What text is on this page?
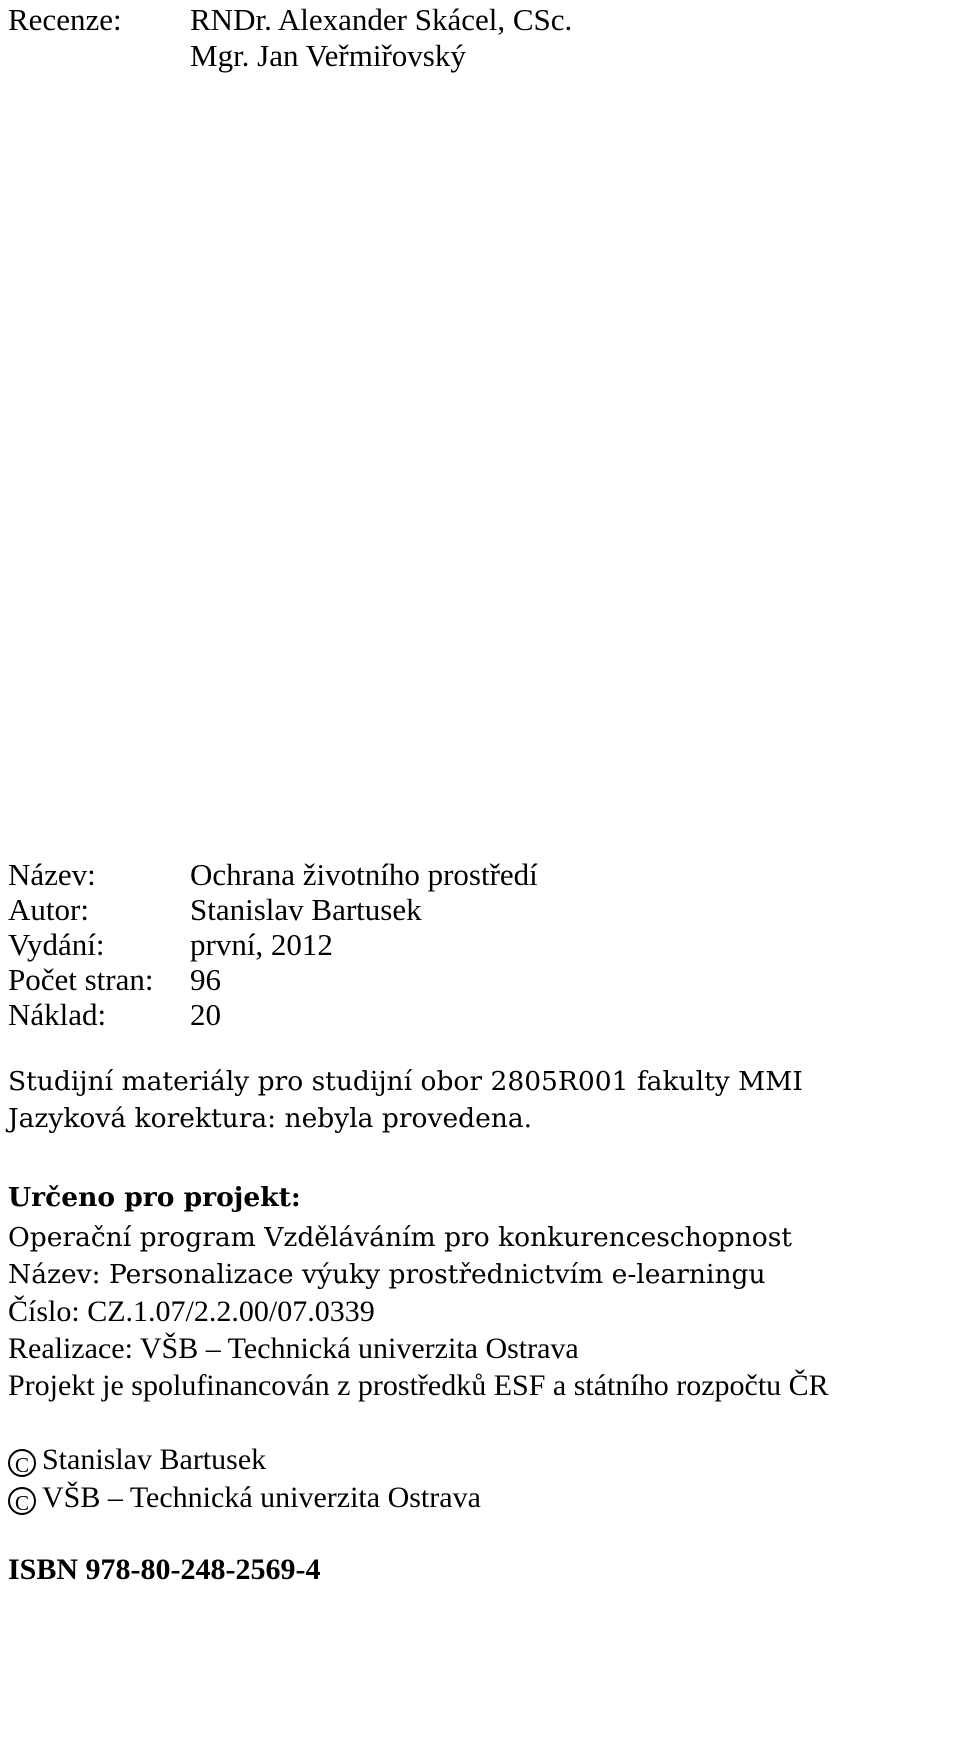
Recenze: RNDr. Alexander Skácel, CSc.
Mgr. Jan Veřmiřovský
Název:	Ochrana životního prostředí
Autor:	Stanislav Bartusek
Vydání:	první, 2012
Počet stran: 96
Náklad:	20
Studijní materiály pro studijní obor 2805R001 fakulty MMI
Jazyková korektura: nebyla provedena.
Určeno pro projekt:
Operační program Vzděláváním pro konkurenceschopnost
Název: Personalizace výuky prostřednictvím e-learningu
Číslo: CZ.1.07/2.2.00/07.0339
Realizace: VŠB – Technická univerzita Ostrava
Projekt je spolufinancován z prostředků ESF a státního rozpočtu ČR
C Stanislav Bartusek
C VŠB – Technická univerzita Ostrava
ISBN 978-80-248-2569-4
